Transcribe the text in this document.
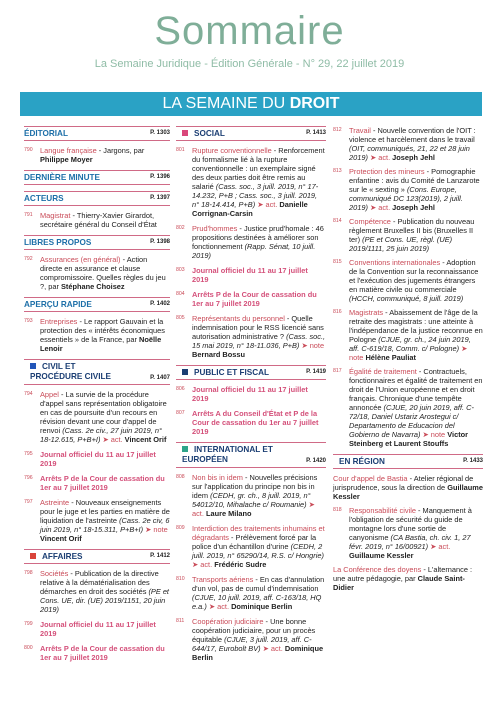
Sommaire
La Semaine Juridique - Édition Générale - N° 29, 22 juillet 2019
LA SEMAINE DU DROIT
ÉDITORIAL	P. 1303
790 Langue française - Jargons, par Philippe Moyer
DERNIÈRE MINUTE	P. 1396
ACTEURS	P. 1397
791 Magistrat - Thierry-Xavier Girardot, secrétaire général du Conseil d'État
LIBRES PROPOS	P. 1398
792 Assurances (en général) - Action directe en assurance et clause compromissoire. Quelles règles du jeu ?, par Stéphane Choisez
APERÇU RAPIDE	P. 1402
793 Entreprises - Le rapport Gauvain et la protection des « intérêts économiques essentiels » de la France, par Noëlle Lenoir
CIVIL ET
PROCÉDURE CIVILE	P. 1407
794 Appel - La survie de la procédure d'appel sans représentation obligatoire en cas de poursuite d'un recours en révision devant une cour d'appel de renvoi (Cass. 2e civ., 27 juin 2019, n° 18-12.615, P+B+I) ➤ act. Vincent Orif
795 Journal officiel du 11 au 17 juillet 2019
796 Arrêts P de la Cour de cassation du 1er au 7 juillet 2019
797 Astreinte - Nouveaux enseignements pour le juge et les parties en matière de liquidation de l'astreinte (Cass. 2e civ, 6 juin 2019, n° 18-15.311, P+B+I) ➤ note Vincent Orif
AFFAIRES	P. 1412
798 Sociétés - Publication de la directive relative à la dématérialisation des démarches en droit des sociétés (PE et Cons. UE, dir. (UE) 2019/1151, 20 juin 2019)
799 Journal officiel du 11 au 17 juillet 2019
800 Arrêts P de la Cour de cassation du 1er au 7 juillet 2019
SOCIAL	P. 1413
801 Rupture conventionnelle - Renforcement du formalisme lié à la rupture conventionnelle : un exemplaire signé des deux parties doit être remis au salarié (Cass. soc., 3 juill. 2019, n° 17-14.232, P+B ; Cass. soc., 3 juill. 2019, n° 18-14.414, P+B) ➤ act. Danielle Corrignan-Carsin
802 Prud'hommes - Justice prud'homale : 46 propositions destinées à améliorer son fonctionnement (Rapp. Sénat, 10 juill. 2019)
803 Journal officiel du 11 au 17 juillet 2019
804 Arrêts P de la Cour de cassation du 1er au 7 juillet 2019
805 Représentants du personnel - Quelle indemnisation pour le RSS licencié sans autorisation administrative ? (Cass. soc., 15 mai 2019, n° 18-11.036, P+B) ➤ note Bernard Bossu
PUBLIC ET FISCAL	P. 1419
806 Journal officiel du 11 au 17 juillet 2019
807 Arrêts A du Conseil d'État et P de la Cour de cassation du 1er au 7 juillet 2019
INTERNATIONAL ET
EUROPÉEN	P. 1420
808 Non bis in idem - Nouvelles précisions sur l'application du principe non bis in idem (CEDH, gr. ch., 8 juill. 2019, n° 54012/10, Mihalache c/ Roumanie) ➤ act. Laure Milano
809 Interdiction des traitements inhumains et dégradants - Prélèvement forcé par la police d'un échantillon d'urine (CEDH, 2 juill. 2019, n° 65290/14, R.S. c/ Hongrie) ➤ act. Frédéric Sudre
810 Transports aériens - En cas d'annulation d'un vol, pas de cumul d'indemnisation (CJUE, 10 juill. 2019, aff. C-163/18, HQ e.a.) ➤ act. Dominique Berlin
811 Coopération judiciaire - Une bonne coopération judiciaire, pour un procès équitable (CJUE, 3 juill. 2019, aff. C-644/17, Eurobolt BV) ➤ act. Dominique Berlin
812 Travail - Nouvelle convention de l'OIT : violence et harcèlement dans le travail (OIT, communiqués, 21, 22 et 28 juin 2019) ➤ act. Joseph Jehl
813 Protection des mineurs - Pornographie enfantine : avis du Comité de Lanzarote sur le « sexting » (Cons. Europe, communiqué DC 123(2019), 2 juill. 2019) ➤ act. Joseph Jehl
814 Compétence - Publication du nouveau règlement Bruxelles II bis (Bruxelles II ter) (PE et Cons. UE, règl. (UE) 2019/1111, 25 juin 2019)
815 Conventions internationales - Adoption de la Convention sur la reconnaissance et l'exécution des jugements étrangers en matière civile ou commerciale (HCCH, communiqué, 8 juill. 2019)
816 Magistrats - Abaissement de l'âge de la retraite des magistrats : une atteinte à l'indépendance de la justice reconnue en Pologne (CJUE, gr. ch., 24 juin 2019, aff. C-619/18, Comm. c/ Pologne) ➤ note Hélène Pauliat
817 Égalité de traitement - Contractuels, fonctionnaires et égalité de traitement en droit de l'Union européenne et en droit français. Chronique d'une tempête annoncée (CJUE, 20 juin 2019, aff. C-72/18, Daniel Ustariz Arostegui c/ Departamento de Educacion del Gobierno de Navarra) ➤ note Victor Steinberg et Laurent Stouffs
EN RÉGION	P. 1433
Cour d'appel de Bastia - Atelier régional de jurisprudence, sous la direction de Guillaume Kessler
818 Responsabilité civile - Manquement à l'obligation de sécurité du guide de montagne lors d'une sortie de canyonisme (CA Bastia, ch. civ. 1, 27 févr. 2019, n° 16/00921) ➤ act. Guillaume Kessler
La Conférence des doyens - L'alternance : une autre pédagogie, par Claude Saint-Didier
